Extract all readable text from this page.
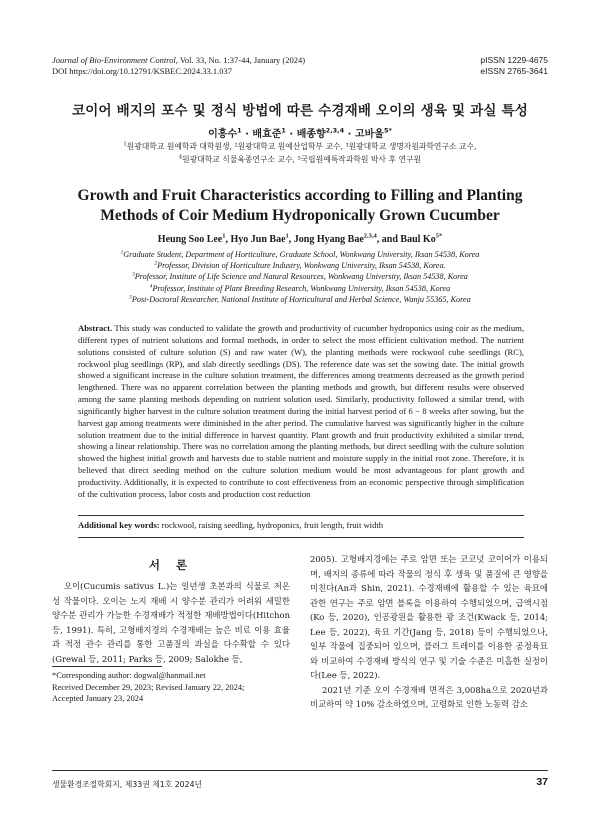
Journal of Bio-Environment Control, Vol. 33, No. 1:37-44, January (2024)
DOI https://doi.org/10.12791/KSBEC.2024.33.1.037
pISSN 1229-4675
eISSN 2765-3641
코이어 배지의 포수 및 정식 방법에 따른 수경재배 오이의 생육 및 과실 특성
이흥수$^1$ · 배효준$^1$ · 배종향$^{2,3,4}$ · 고바울$^{5*}$
$^1$원광대학교 원예학과 대학원생, ²원광대학교 원예산업학부 교수, ³원광대학교 생명자원과학연구소 교수,
$^4$원광대학교 식물육종연구소 교수, ⁵국립원예특작과학원 박사 후 연구원
Growth and Fruit Characteristics according to Filling and Planting
Methods of Coir Medium Hydroponically Grown Cucumber
Heung Soo Lee$^1$, Hyo Jun Bae$^1$, Jong Hyang Bae$^{2,3,4}$, and Baul $Ko^{5*}$
$^1$Graduate Student, Department of Horticulture, Graduate School, Wonkwang University, Iksan 54538, Korea
$^2$Professor, Division of Horticulture Industry, Wonkwang University, Iksan 54538, Korea.
$^3$Professor, Institute of Life Science and Natural Resources, Wonkwang University, Iksan 54538, Korea
$^4$Professor, Institute of Plant Breeding Research, Wonkwang University, Iksan 54538, Korea
$^5$Post-Doctoral Researcher, National Institute of Horticultural and Herbal Science, Wanju 55365, Korea
Abstract. This study was conducted to validate the growth and productivity of cucumber hydroponics using coir as the medium, different types of nutrient solutions and formal methods, in order to select the most efficient cultivation method. The nutrient solutions consisted of culture solution (S) and raw water (W), the planting methods were rockwool cube seedlings (RC), rockwool plug seedlings (RP), and slab directly seedlings (DS). The reference date was set the sowing date. The initial growth showed a significant increase in the culture solution treatment, the differences among treatments decreased as the growth period lengthened. There was no apparent correlation between the planting methods and growth, but different results were observed among the same planting methods depending on nutrient solution used. Similarly, productivity followed a similar trend, with significantly higher harvest in the culture solution treatment during the initial harvest period of 6 − 8 weeks after sowing, but the harvest gap among treatments were diminished in the after period. The cumulative harvest was significantly higher in the culture solution treatment due to the initial difference in harvest quantity. Plant growth and fruit productivity exhibited a similar trend, showing a linear relationship. There was no correlation among the planting methods, but direct seedling with the culture solution showed the highest initial growth and harvests due to stable nutrient and moisture supply in the initial root zone. Therefore, it is believed that direct seeding method on the culture solution medium would be most advantageous for plant growth and productivity. Additionally, it is expected to contribute to cost effectiveness from an economic perspective through simplification of the cultivation process, labor costs and production cost reduction
Additional key words: rockwool, raising seedling, hydroponics, fruit length, fruit width
서 론

오이(Cucumis sativus L.)는 일년생 초본과의 식물로 저온성 작물이다. 오이는 노지 재배 시 양수분 관리가 어려워 세밀한 양수분 관리가 가능한 수경재배가 적정한 재배방법이다(Hitchon 등, 1991). 특히, 고형배지경의 수경재배는 높은 비료 이용 효율과 적정 관수 관리를 통한 고품질의 과실을 다수확할 수 있다(Grewal 등, 2011; Parks 등, 2009; Salokhe 등,

*Corresponding author: dogwal@hanmail.net
Received December 29, 2023; Revised January 22, 2024;
Accepted January 23, 2024

2005). 고형배지경에는 주로 암면 또는 코코넛 코이어가 이용되며, 배지의 종류에 따라 작물의 정식 후 생육 및 품질에 큰 영향을 미친다(An과 Shin, 2021). 수경재배에 활용할 수 있는 육묘에 관한 연구는 주로 암면 블록을 이용하여 수행되었으며, 급액시점(Ko 등, 2020), 인공광원을 활용한 광 조건(Kwack 등, 2014; Lee 등, 2022), 육묘 기간(Jang 등, 2018) 등이 수행되었으나, 일부 작물에 집중되어 있으며, 플러그 트레이를 이용한 공정육묘와 비교하여 수경재배 방식의 연구 및 기술 수준은 미흡한 실정이다(Lee 등, 2022).

2021년 기준 오이 수경재배 면적은 3,008ha으로 2020년과 비교하여 약 10% 감소하였으며, 고령화로 인한 노동력 감소

생물환경조절학회지, 제33권 제1호 2024년	37
